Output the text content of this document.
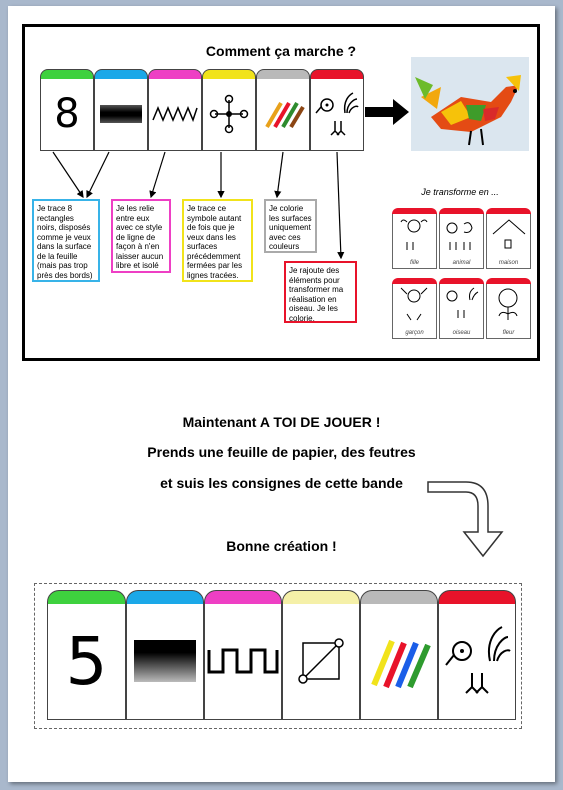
Comment ça marche ?
8
Je trace 8 rectangles noirs, disposés comme je veux dans la surface de la feuille (mais pas trop près des bords)
Je les relie entre eux avec ce style de ligne de façon à n'en laisser aucun libre et isolé
Je trace ce symbole autant de fois que je veux dans les surfaces précédemment fermées par les lignes tracées.
Je colorie les surfaces uniquement avec ces couleurs
Je rajoute des éléments pour transformer ma réalisation en oiseau. Je les colorie.
Je transforme en ...
fille	animal	maison
garçon	oiseau	fleur
Maintenant A TOI DE JOUER !
Prends une feuille de papier, des feutres
et suis les consignes de cette bande
Bonne création !
5
